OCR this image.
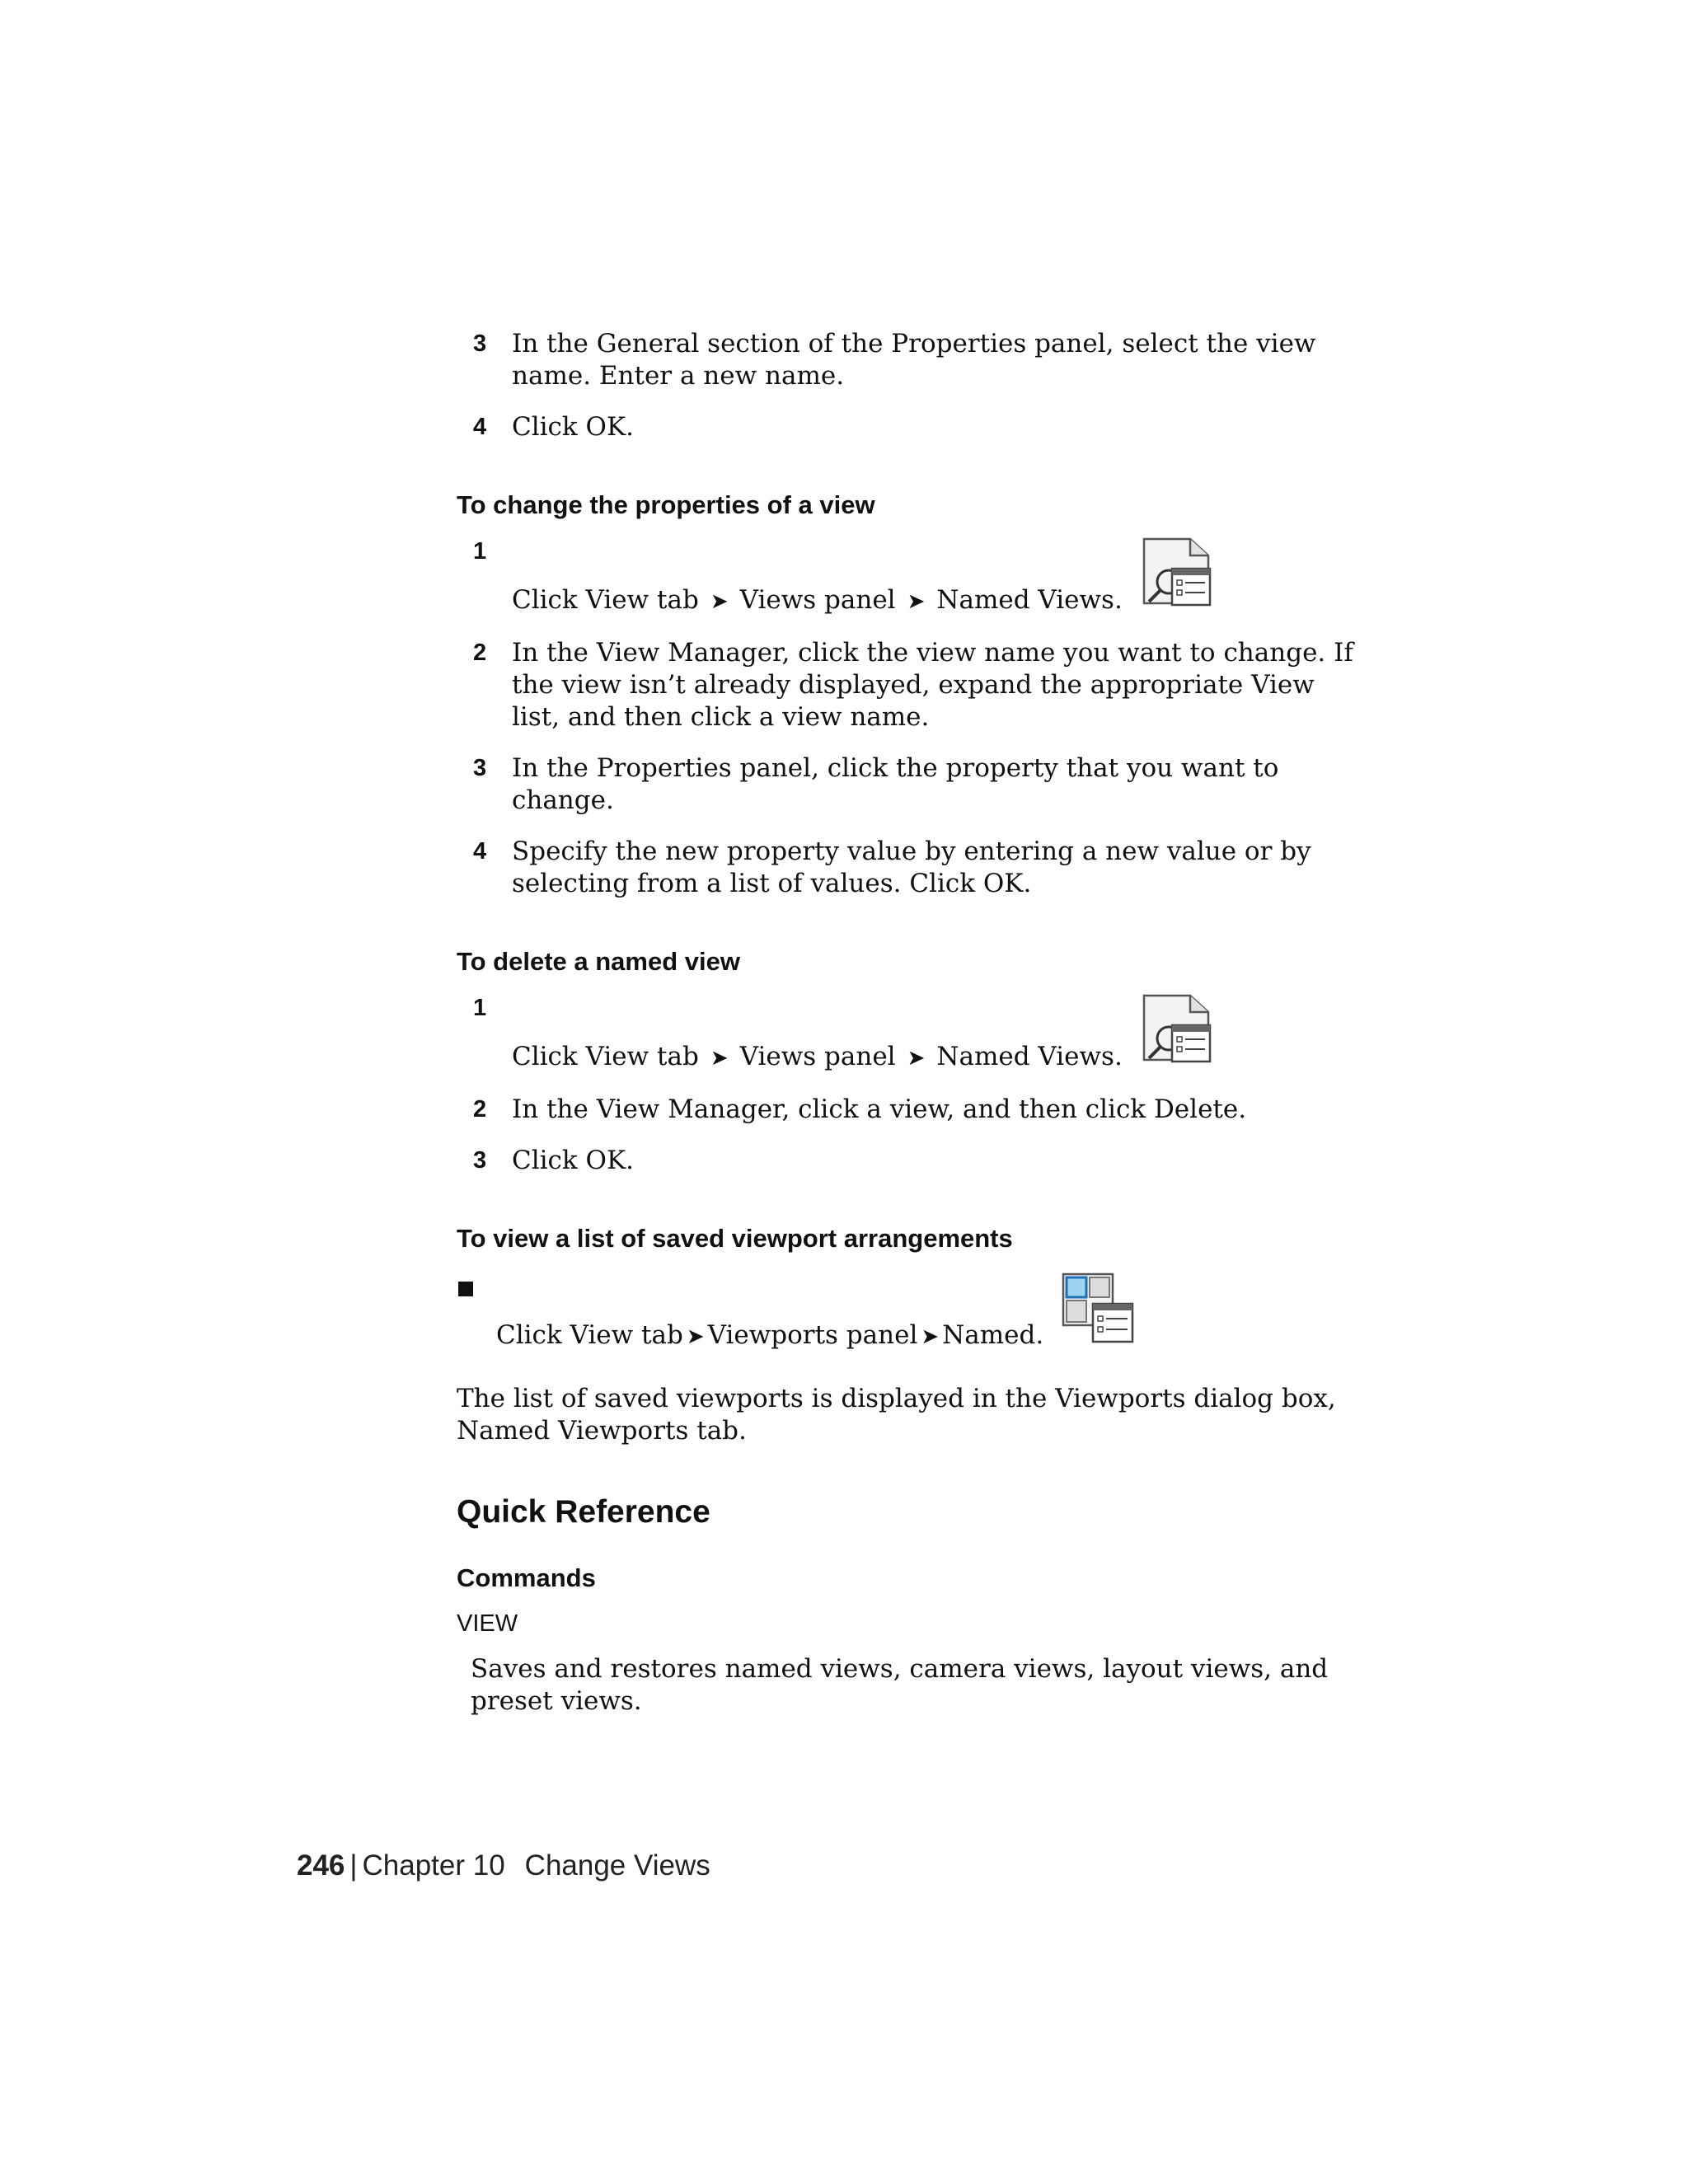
3 In the General section of the Properties panel, select the view name. Enter a new name.
4 Click OK.
To change the properties of a view
1
Click View tab ➤ Views panel ➤ Named Views.
2 In the View Manager, click the view name you want to change. If the view isn’t already displayed, expand the appropriate View list, and then click a view name.
3 In the Properties panel, click the property that you want to change.
4 Specify the new property value by entering a new value or by selecting from a list of values. Click OK.
To delete a named view
1
Click View tab ➤ Views panel ➤ Named Views.
2 In the View Manager, click a view, and then click Delete.
3 Click OK.
To view a list of saved viewport arrangements
Click View tab ➤ Viewports panel ➤ Named.

The list of saved viewports is displayed in the Viewports dialog box, Named Viewports tab.

Quick Reference
Commands
VIEW
Saves and restores named views, camera views, layout views, and preset views.
246 | Chapter 10 Change Views
